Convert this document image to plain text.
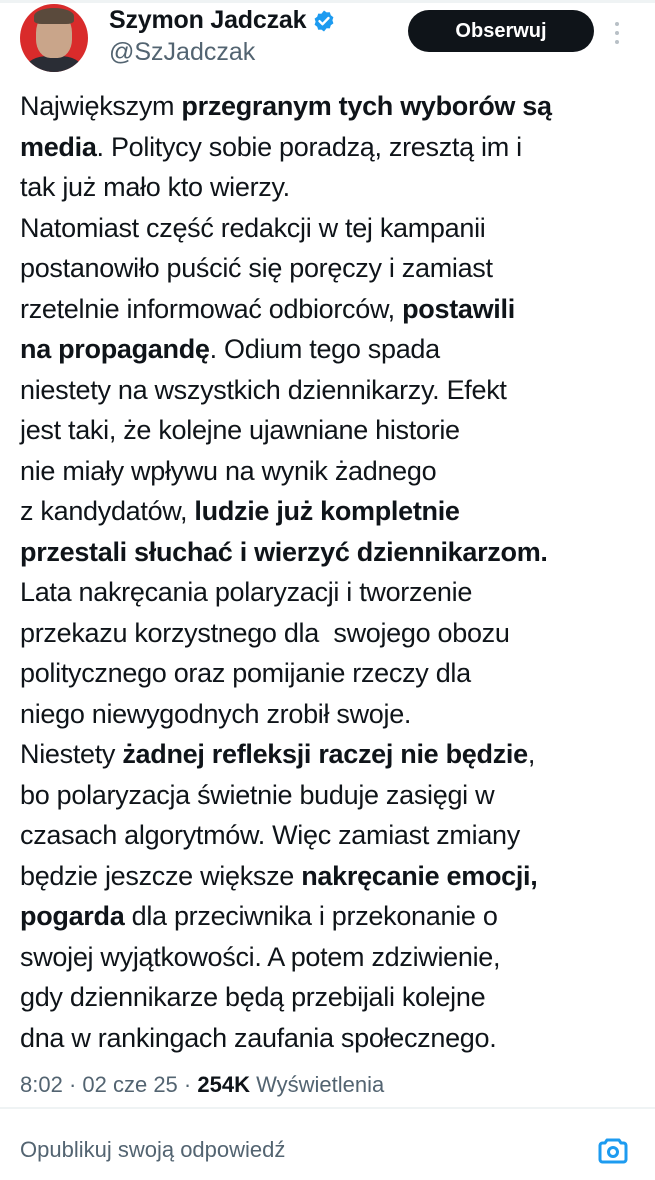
Szymon Jadczak
@SzJadczak
Obserwuj
Największym przegranym tych wyborów są
media. Politycy sobie poradzą, zresztą im i
tak już mało kto wierzy.
Natomiast część redakcji w tej kampanii
postanowiło puścić się poręczy i zamiast
rzetelnie informować odbiorców, postawili
na propagandę. Odium tego spada
niestety na wszystkich dziennikarzy. Efekt
jest taki, że kolejne ujawniane historie
nie miały wpływu na wynik żadnego
z kandydatów, ludzie już kompletnie
przestali słuchać i wierzyć dziennikarzom.
Lata nakręcania polaryzacji i tworzenie
przekazu korzystnego dla  swojego obozu
politycznego oraz pomijanie rzeczy dla
niego niewygodnych zrobił swoje.
Niestety żadnej refleksji raczej nie będzie,
bo polaryzacja świetnie buduje zasięgi w
czasach algorytmów. Więc zamiast zmiany
będzie jeszcze większe nakręcanie emocji,
pogarda dla przeciwnika i przekonanie o
swojej wyjątkowości. A potem zdziwienie,
gdy dziennikarze będą przebijali kolejne
dna w rankingach zaufania społecznego.
8:02 · 02 cze 25 · 254K Wyświetlenia
Opublikuj swoją odpowiedź
